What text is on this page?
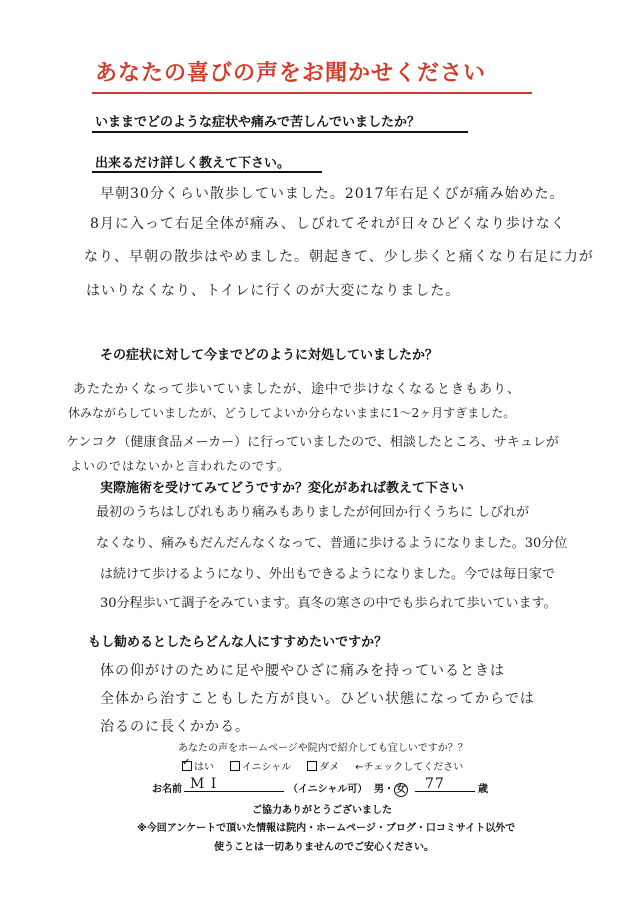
あなたの喜びの声をお聞かせください
いままでどのような症状や痛みで苦しんでいましたか？
出来るだけ詳しく教えて下さい。
早朝30分くらい散歩していました。2017年右足くびが痛み始めた。
8月に入って右足全体が痛み、しびれてそれが日々ひどくなり歩けなく
なり、早朝の散歩はやめました。朝起きて、少し歩くと痛くなり右足に力が
はいりなくなり、トイレに行くのが大変になりました。
その症状に対して今までどのように対処していましたか？
あたたかくなって歩いていましたが、途中で歩けなくなるときもあり、
休みながらしていましたが、どうしてよいか分らないままに1〜2ヶ月すぎました。
ケンコク（健康食品メーカー）に行っていましたので、相談したところ、サキュレが
よいのではないかと言われたのです。
実際施術を受けてみてどうですか？変化があれば教えて下さい
最初のうちはしびれもあり痛みもありましたが何回か行くうちに しびれが
なくなり、痛みもだんだんなくなって、普通に歩けるようになりました。30分位
は続けて歩けるようになり、外出もできるようになりました。今では毎日家で
30分程歩いて調子をみています。真冬の寒さの中でも歩られて歩いています。
もし勧めるとしたらどんな人にすすめたいですか？
体の仰がけのために足や腰やひざに痛みを持っているときは
全体から治すこともした方が良い。ひどい状態になってからでは
治るのに長くかかる。
あなたの声をホームページや院内で紹介しても宜しいですか？？
✓はい	イニシャル	ダメ ←チェックしてください
お名前 M I	（イニシャル可） 男・ 女	77	歳
ご協力ありがとうございました
※今回アンケートで頂いた情報は院内・ホームページ・ブログ・口コミサイト以外で
使うことは一切ありませんのでご安心ください。
